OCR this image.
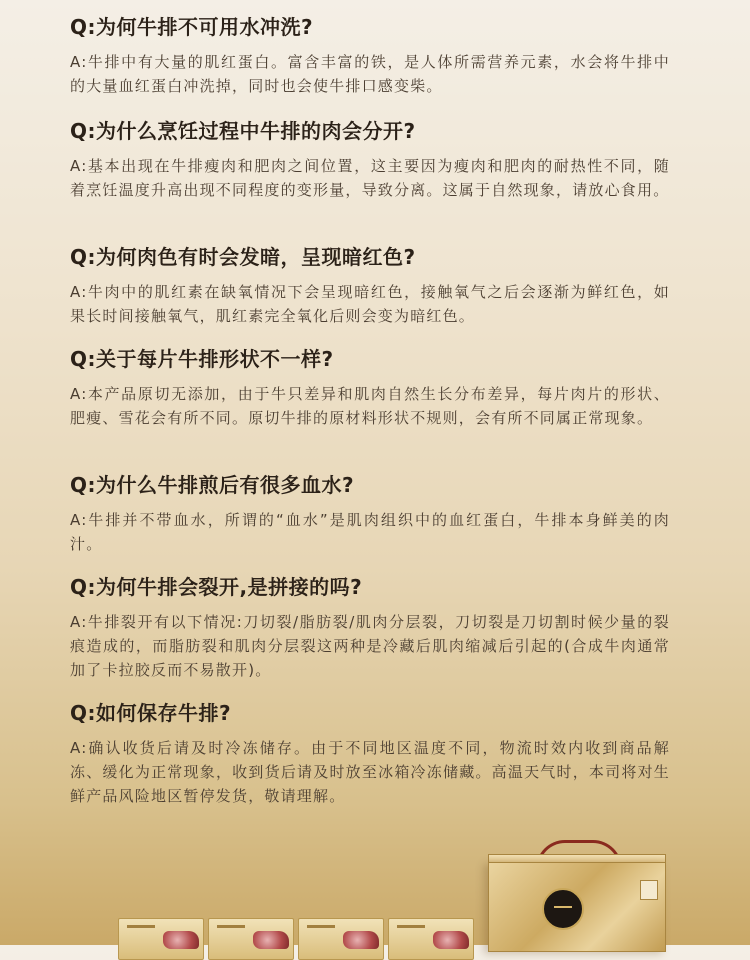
Q:为何牛排不可用水冲洗?

A:牛排中有大量的肌红蛋白。富含丰富的铁，是人体所需营养元素，水会将牛排中的大量血红蛋白冲洗掉，同时也会使牛排口感变柴。

Q:为什么烹饪过程中牛排的肉会分开?

A:基本出现在牛排瘦肉和肥肉之间位置，这主要因为瘦肉和肥肉的耐热性不同，随着烹饪温度升高出现不同程度的变形量，导致分离。这属于自然现象，请放心食用。

Q:为何肉色有时会发暗，呈现暗红色?

A:牛肉中的肌红素在缺氧情况下会呈现暗红色，接触氧气之后会逐渐为鲜红色，如果长时间接触氧气，肌红素完全氧化后则会变为暗红色。

Q:关于每片牛排形状不一样?

A:本产品原切无添加，由于牛只差异和肌肉自然生长分布差异，每片肉片的形状、肥瘦、雪花会有所不同。原切牛排的原材料形状不规则，会有所不同属正常现象。

Q:为什么牛排煎后有很多血水?

A:牛排并不带血水，所谓的“血水”是肌肉组织中的血红蛋白，牛排本身鲜美的肉汁。

Q:为何牛排会裂开,是拼接的吗?

A:牛排裂开有以下情况:刀切裂/脂肪裂/肌肉分层裂，刀切裂是刀切割时候少量的裂痕造成的，而脂肪裂和肌肉分层裂这两种是冷藏后肌肉缩减后引起的(合成牛肉通常加了卡拉胶反而不易散开)。

Q:如何保存牛排?

A:确认收货后请及时冷冻储存。由于不同地区温度不同，物流时效内收到商品解冻、缓化为正常现象，收到货后请及时放至冰箱冷冻储藏。高温天气时，本司将对生鲜产品风险地区暂停发货，敬请理解。
